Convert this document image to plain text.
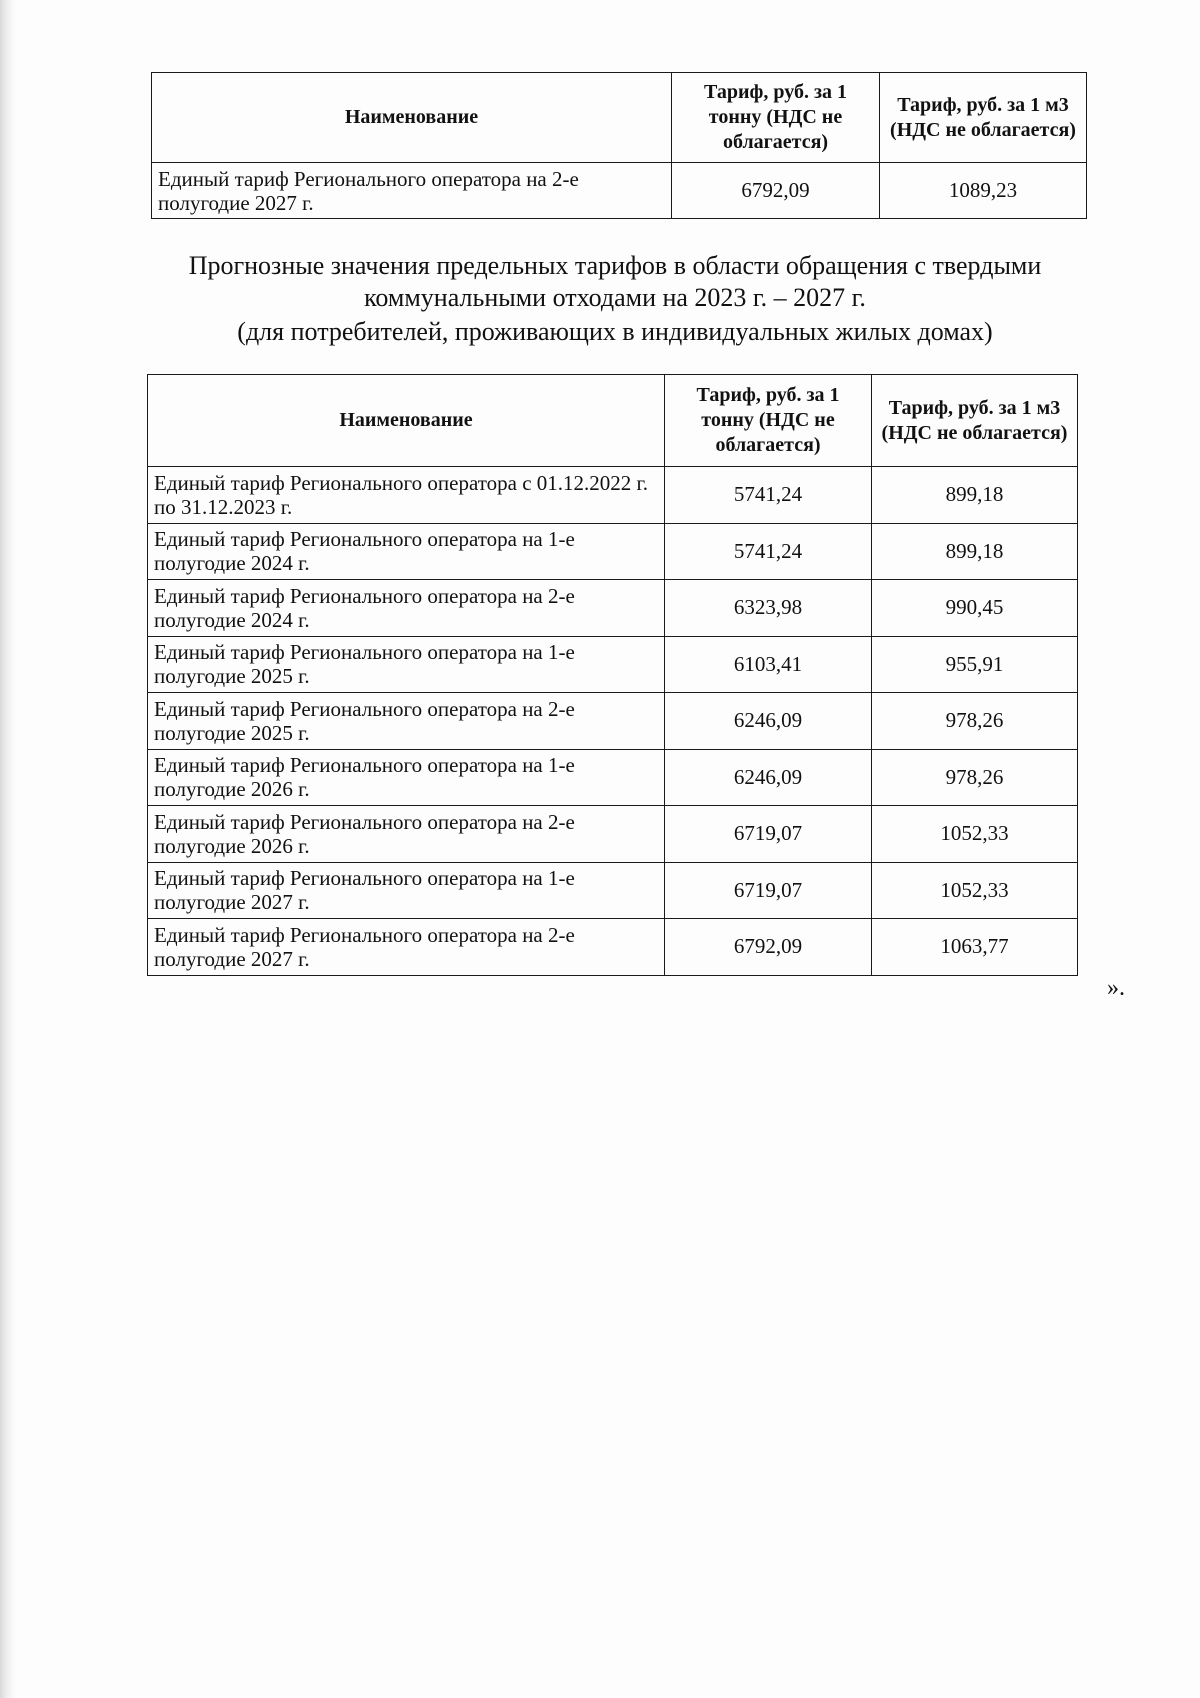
Наименование	Тариф, руб. за 1 тонну (НДС не облагается)	Тариф, руб. за 1 м3 (НДС не облагается)
Единый тариф Регионального оператора на 2-е полугодие 2027 г.	6792,09	1089,23
Прогнозные значения предельных тарифов в области обращения с твердыми
коммунальными отходами на 2023 г. – 2027 г.
(для потребителей, проживающих в индивидуальных жилых домах)
Наименование	Тариф, руб. за 1 тонну (НДС не облагается)	Тариф, руб. за 1 м3 (НДС не облагается)
Единый тариф Регионального оператора с 01.12.2022 г. по 31.12.2023 г.	5741,24	899,18
Единый тариф Регионального оператора на 1-е полугодие 2024 г.	5741,24	899,18
Единый тариф Регионального оператора на 2-е полугодие 2024 г.	6323,98	990,45
Единый тариф Регионального оператора на 1-е полугодие 2025 г.	6103,41	955,91
Единый тариф Регионального оператора на 2-е полугодие 2025 г.	6246,09	978,26
Единый тариф Регионального оператора на 1-е полугодие 2026 г.	6246,09	978,26
Единый тариф Регионального оператора на 2-е полугодие 2026 г.	6719,07	1052,33
Единый тариф Регионального оператора на 1-е полугодие 2027 г.	6719,07	1052,33
Единый тариф Регионального оператора на 2-е полугодие 2027 г.	6792,09	1063,77
».
